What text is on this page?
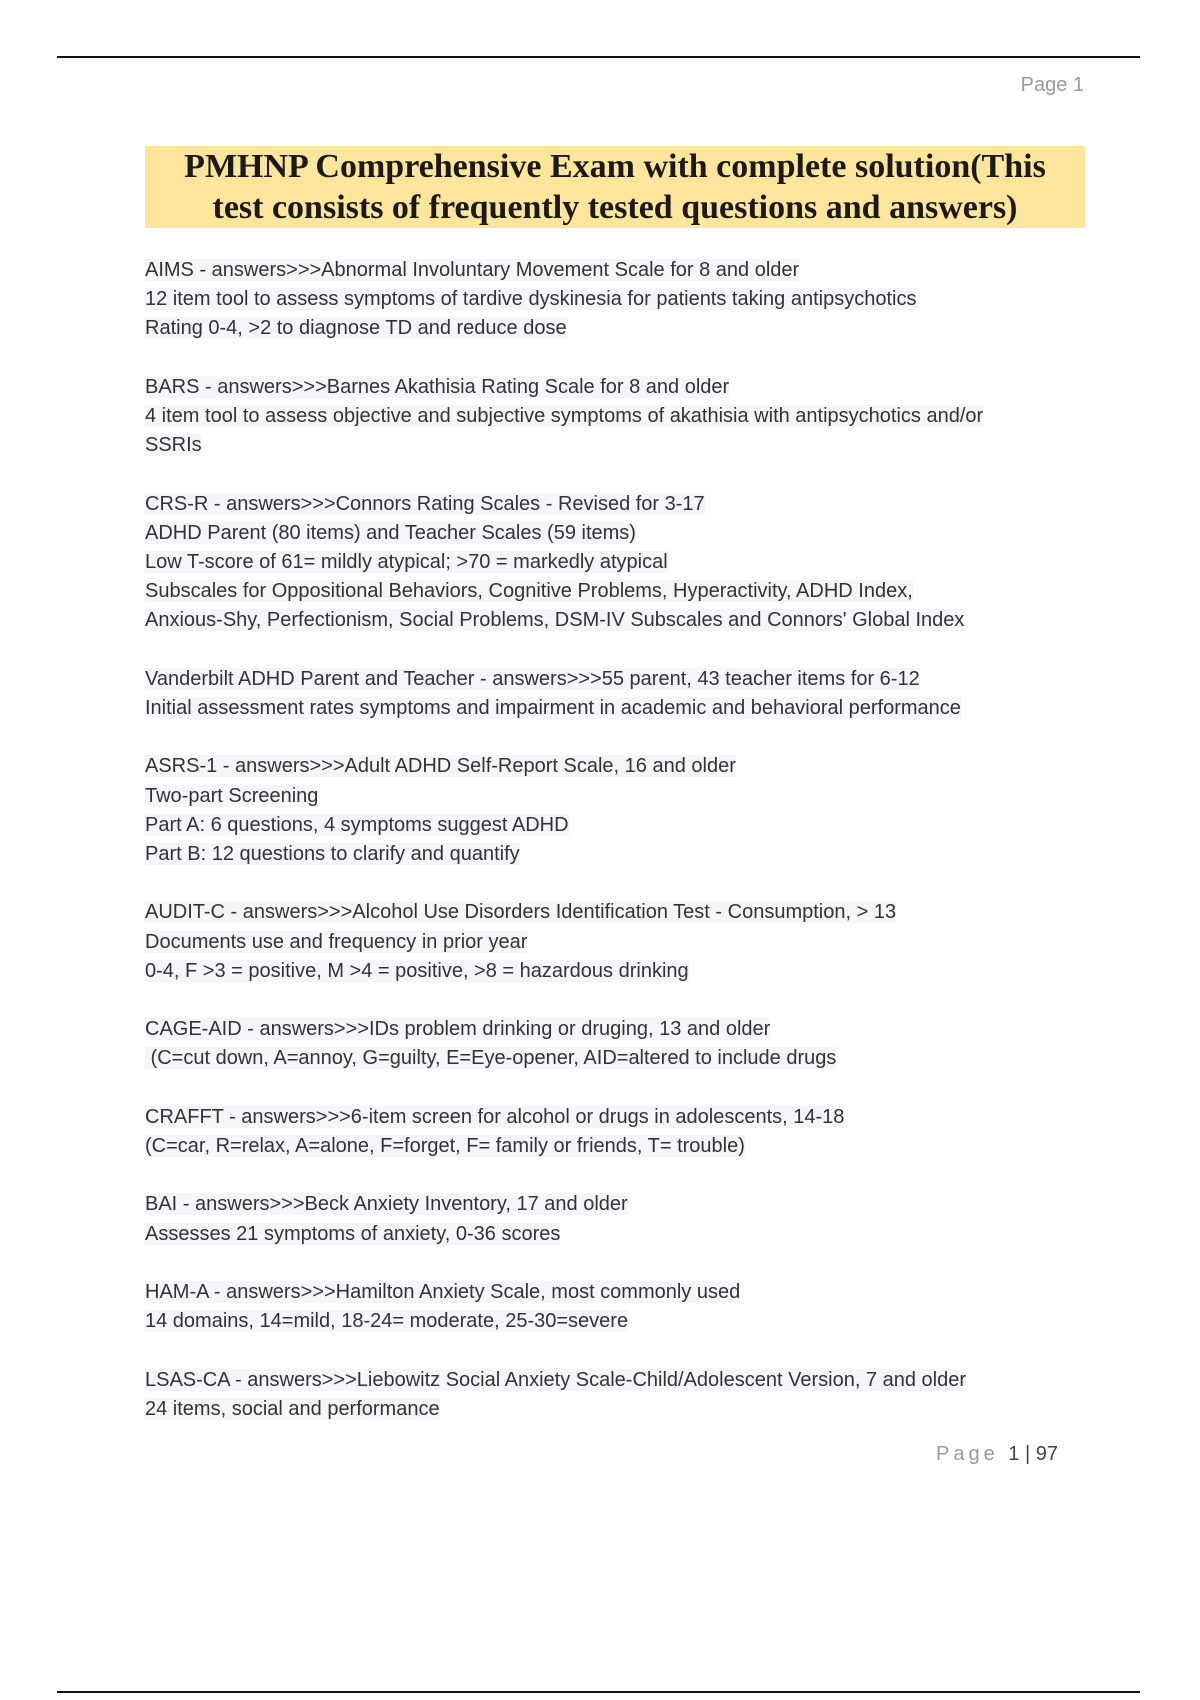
Page 1
PMHNP Comprehensive Exam with complete solution(This
test consists of frequently tested questions and answers)
AIMS - answers>>>Abnormal Involuntary Movement Scale for 8 and older
12 item tool to assess symptoms of tardive dyskinesia for patients taking antipsychotics
Rating 0-4, >2 to diagnose TD and reduce dose
BARS - answers>>>Barnes Akathisia Rating Scale for 8 and older
4 item tool to assess objective and subjective symptoms of akathisia with antipsychotics and/or
SSRIs
CRS-R - answers>>>Connors Rating Scales - Revised for 3-17
ADHD Parent (80 items) and Teacher Scales (59 items)
Low T-score of 61= mildly atypical; >70 = markedly atypical
Subscales for Oppositional Behaviors, Cognitive Problems, Hyperactivity, ADHD Index,
Anxious-Shy, Perfectionism, Social Problems, DSM-IV Subscales and Connors' Global Index
Vanderbilt ADHD Parent and Teacher - answers>>>55 parent, 43 teacher items for 6-12
Initial assessment rates symptoms and impairment in academic and behavioral performance
ASRS-1 - answers>>>Adult ADHD Self-Report Scale, 16 and older
Two-part Screening
Part A: 6 questions, 4 symptoms suggest ADHD
Part B: 12 questions to clarify and quantify
AUDIT-C - answers>>>Alcohol Use Disorders Identification Test - Consumption, > 13
Documents use and frequency in prior year
0-4, F >3 = positive, M >4 = positive, >8 = hazardous drinking
CAGE-AID - answers>>>IDs problem drinking or druging, 13 and older
(C=cut down, A=annoy, G=guilty, E=Eye-opener, AID=altered to include drugs
CRAFFT - answers>>>6-item screen for alcohol or drugs in adolescents, 14-18
(C=car, R=relax, A=alone, F=forget, F= family or friends, T= trouble)
BAI - answers>>>Beck Anxiety Inventory, 17 and older
Assesses 21 symptoms of anxiety, 0-36 scores
HAM-A - answers>>>Hamilton Anxiety Scale, most commonly used
14 domains, 14=mild, 18-24= moderate, 25-30=severe
LSAS-CA - answers>>>Liebowitz Social Anxiety Scale-Child/Adolescent Version, 7 and older
24 items, social and performance
Page 1 | 97
